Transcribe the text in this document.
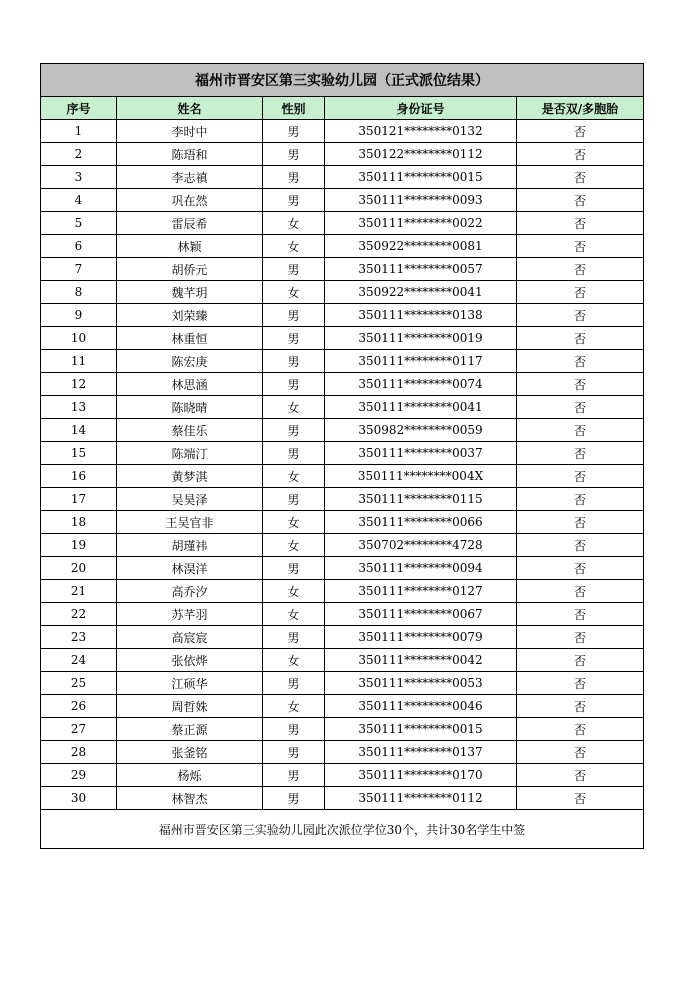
福州市晋安区第三实验幼儿园（正式派位结果）				
序号	姓名	性别	身份证号	是否双/多胞胎
1	李时中	男	350121********0132	否
2	陈珸和	男	350122********0112	否
3	李志禛	男	350111********0015	否
4	巩在然	男	350111********0093	否
5	雷辰希	女	350111********0022	否
6	林颖	女	350922********0081	否
7	胡侨元	男	350111********0057	否
8	魏芊玥	女	350922********0041	否
9	刘荣臻	男	350111********0138	否
10	林重恒	男	350111********0019	否
11	陈宏庚	男	350111********0117	否
12	林思涵	男	350111********0074	否
13	陈晓晴	女	350111********0041	否
14	蔡佳乐	男	350982********0059	否
15	陈端汀	男	350111********0037	否
16	黄梦淇	女	350111********004X	否
17	吴昊泽	男	350111********0115	否
18	王吴官非	女	350111********0066	否
19	胡瑾祎	女	350702********4728	否
20	林淏洋	男	350111********0094	否
21	高乔汐	女	350111********0127	否
22	苏芊羽	女	350111********0067	否
23	高宸宸	男	350111********0079	否
24	张依烨	女	350111********0042	否
25	江硕华	男	350111********0053	否
26	周哲姝	女	350111********0046	否
27	蔡正源	男	350111********0015	否
28	张釜铭	男	350111********0137	否
29	杨烁	男	350111********0170	否
30	林智杰	男	350111********0112	否
福州市晋安区第三实验幼儿园此次派位学位30个，共计30名学生中签				
